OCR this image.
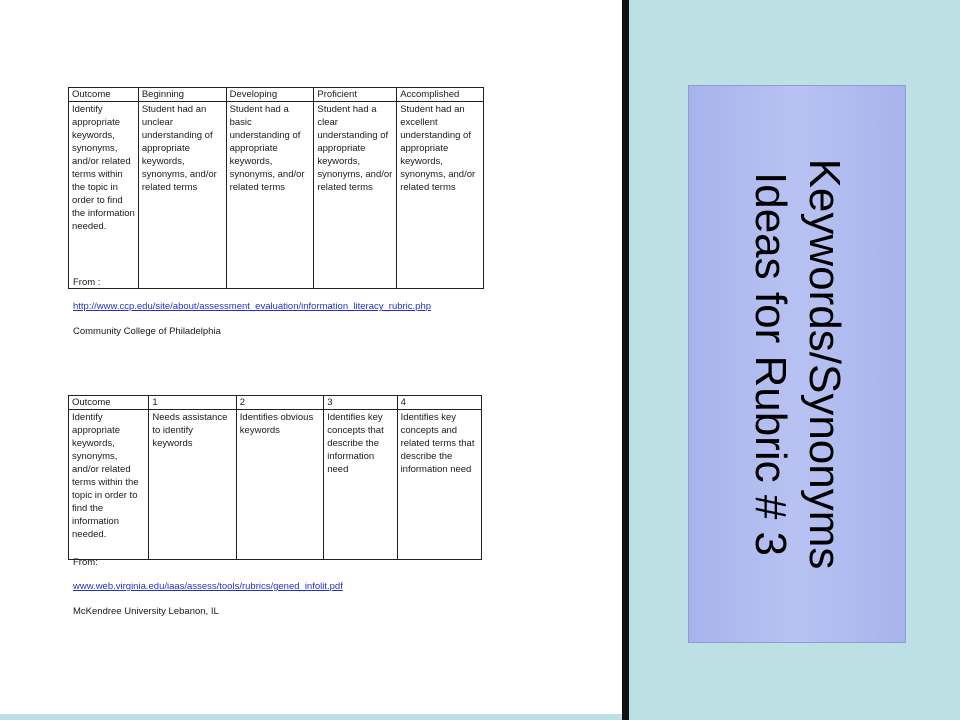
Outcome	Beginning	Developing	Proficient	Accomplished
Identify appropriate keywords, synonyms, and/or related terms within the topic in order to find the information needed.	Student had an unclear understanding of appropriate keywords, synonyms, and/or related terms	Student had a basic understanding of appropriate keywords, synonyms, and/or related terms	Student had a clear understanding of appropriate keywords, synonyms, and/or related terms	Student had an excellent understanding of appropriate keywords, synonyms, and/or related terms

From :

http://www.ccp.edu/site/about/assessment_evaluation/information_literacy_rubric.php

Community College of Philadelphia

Outcome	1	2	3	4
Identify appropriate keywords, synonyms, and/or related terms within the topic in order to find the information needed.	Needs assistance to identify keywords	Identifies obvious keywords	Identifies key concepts that describe the information need	Identifies key concepts and related terms that describe the information need

From:

www.web.virginia.edu/iaas/assess/tools/rubrics/gened_infolit.pdf

McKendree University Lebanon, IL

Keywords/Synonyms
Ideas for Rubric # 3
